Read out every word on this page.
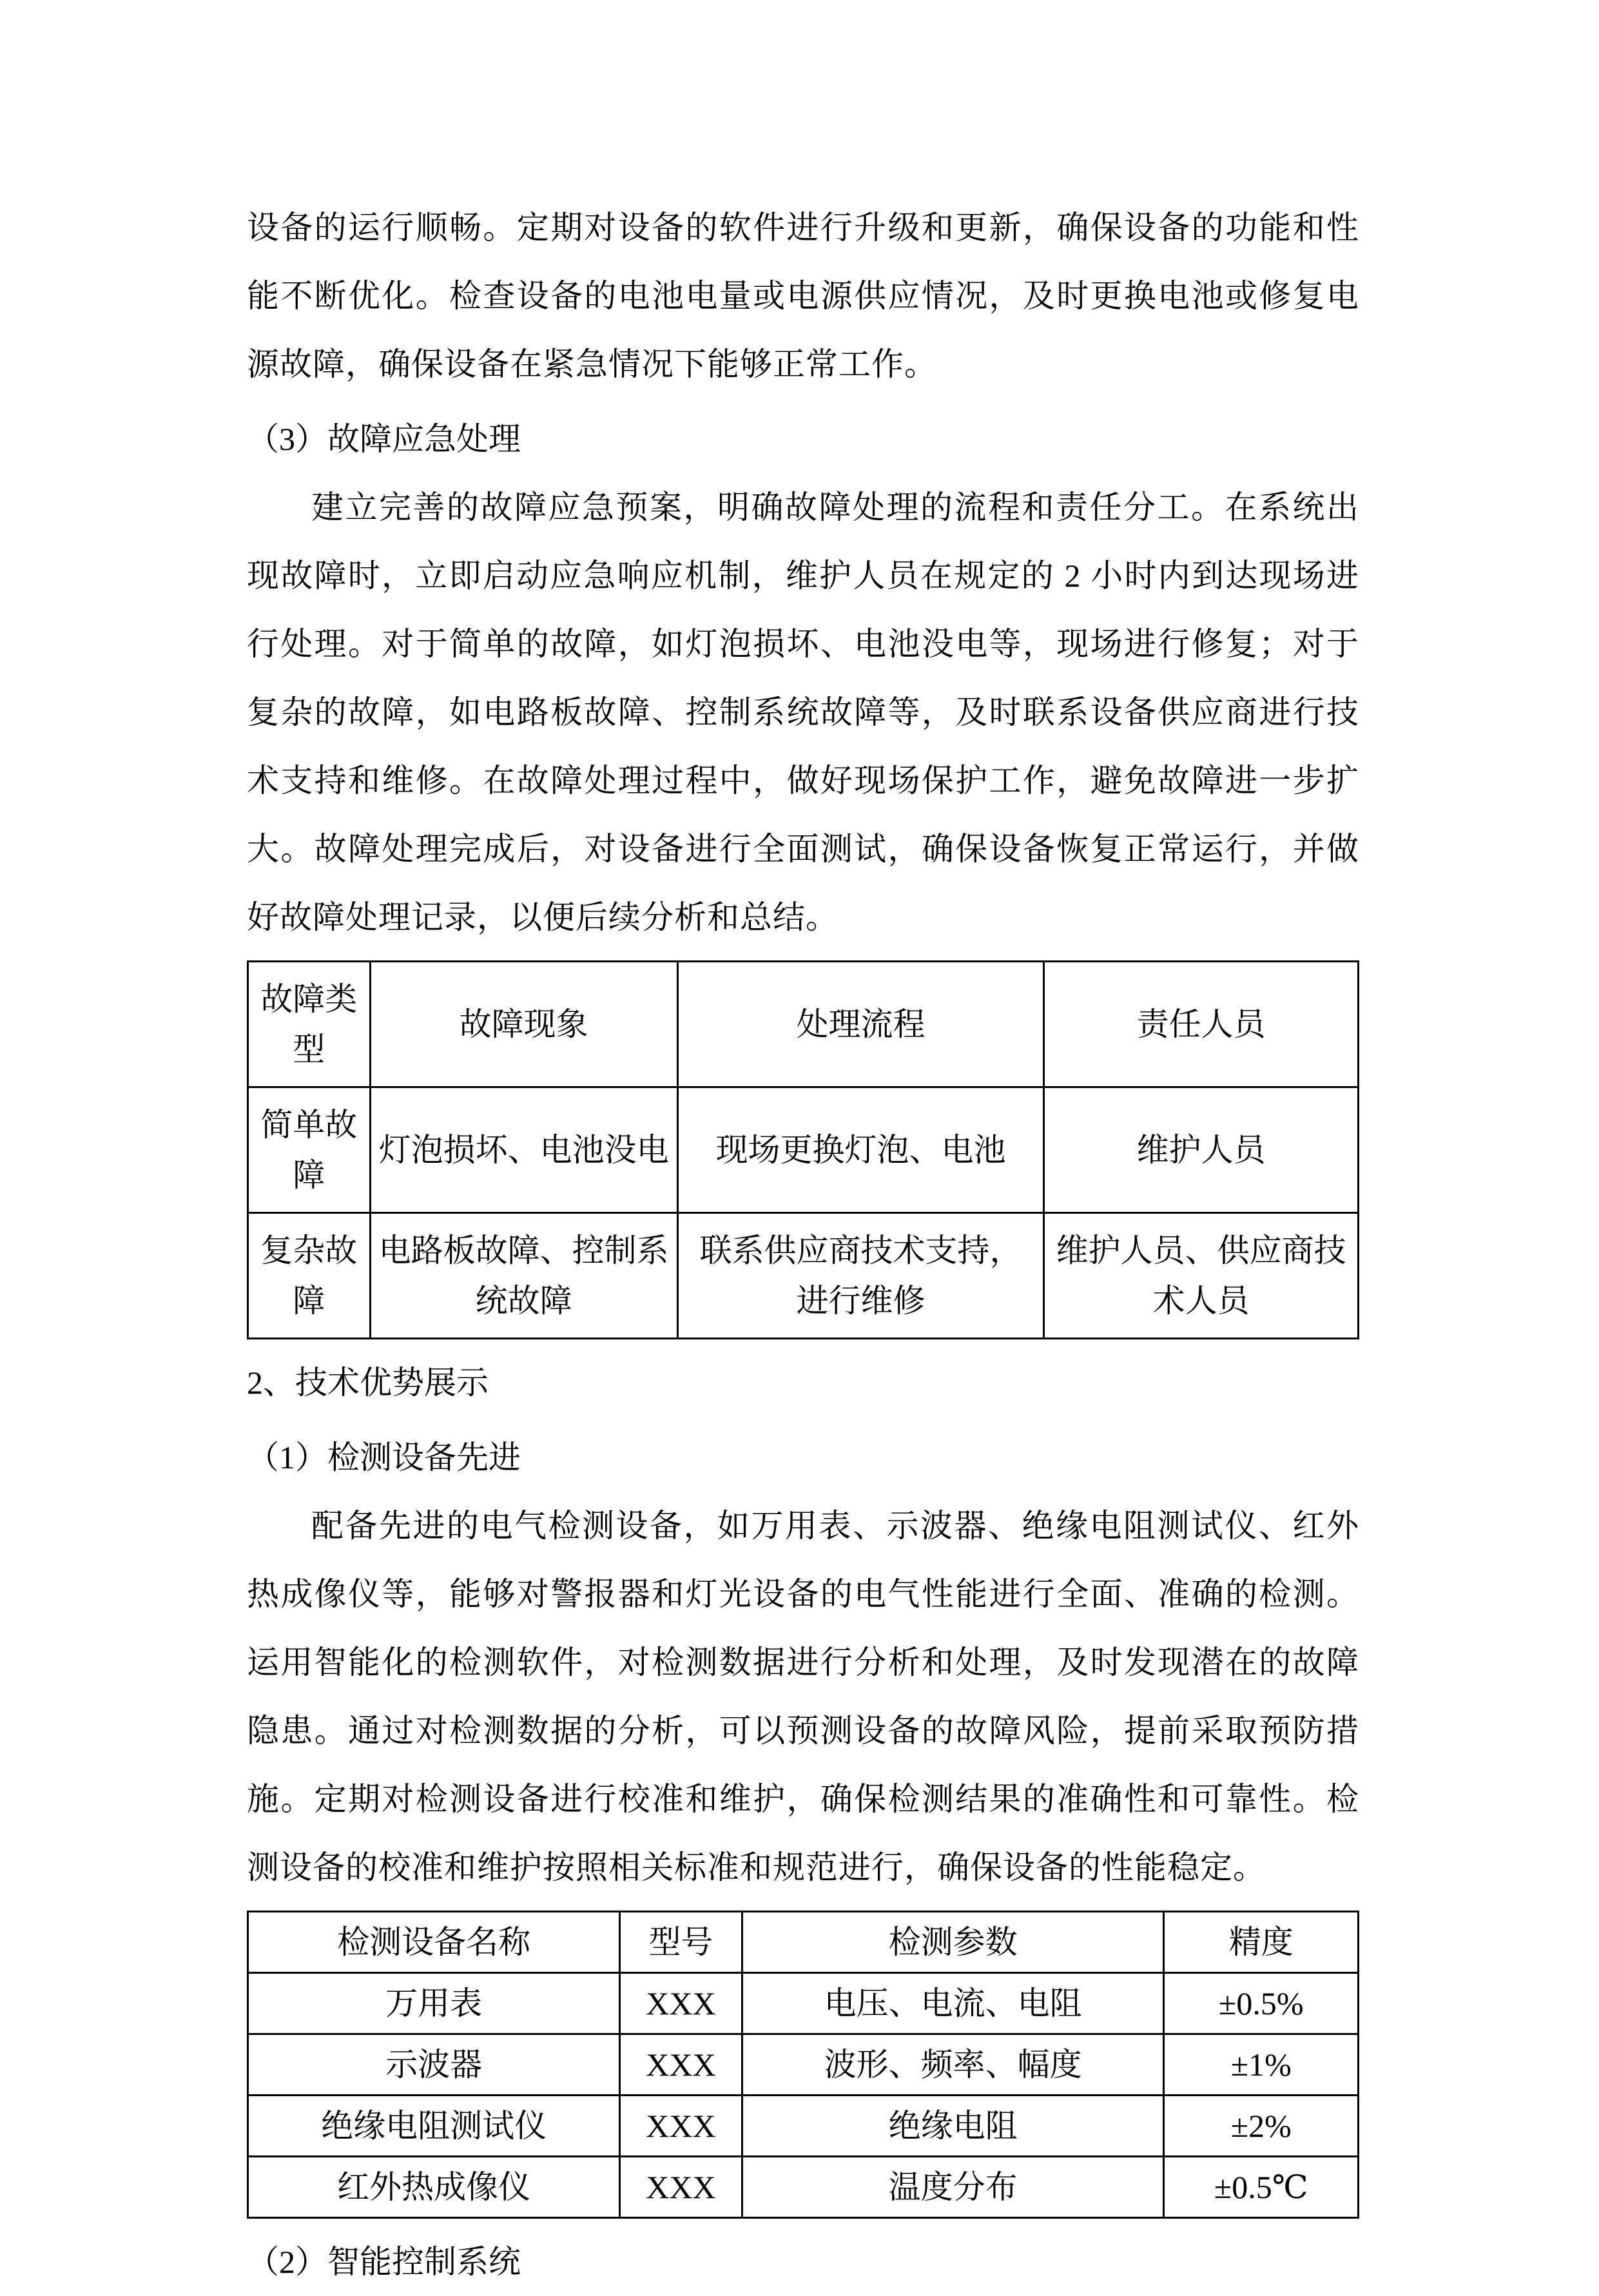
设备的运行顺畅。定期对设备的软件进行升级和更新，确保设备的功能和性能不断优化。检查设备的电池电量或电源供应情况，及时更换电池或修复电源故障，确保设备在紧急情况下能够正常工作。

（3）故障应急处理

建立完善的故障应急预案，明确故障处理的流程和责任分工。在系统出现故障时，立即启动应急响应机制，维护人员在规定的 2 小时内到达现场进行处理。对于简单的故障，如灯泡损坏、电池没电等，现场进行修复；对于复杂的故障，如电路板故障、控制系统故障等，及时联系设备供应商进行技术支持和维修。在故障处理过程中，做好现场保护工作，避免故障进一步扩大。故障处理完成后，对设备进行全面测试，确保设备恢复正常运行，并做好故障处理记录，以便后续分析和总结。

故障类型	故障现象	处理流程	责任人员
简单故障	灯泡损坏、电池没电	现场更换灯泡、电池	维护人员
复杂故障	电路板故障、控制系统故障	联系供应商技术支持，进行维修	维护人员、供应商技术人员

2、技术优势展示

（1）检测设备先进

配备先进的电气检测设备，如万用表、示波器、绝缘电阻测试仪、红外热成像仪等，能够对警报器和灯光设备的电气性能进行全面、准确的检测。运用智能化的检测软件，对检测数据进行分析和处理，及时发现潜在的故障隐患。通过对检测数据的分析，可以预测设备的故障风险，提前采取预防措施。定期对检测设备进行校准和维护，确保检测结果的准确性和可靠性。检测设备的校准和维护按照相关标准和规范进行，确保设备的性能稳定。

检测设备名称	型号	检测参数	精度
万用表	XXX	电压、电流、电阻	±0.5%
示波器	XXX	波形、频率、幅度	±1%
绝缘电阻测试仪	XXX	绝缘电阻	±2%
红外热成像仪	XXX	温度分布	±0.5℃

（2）智能控制系统
